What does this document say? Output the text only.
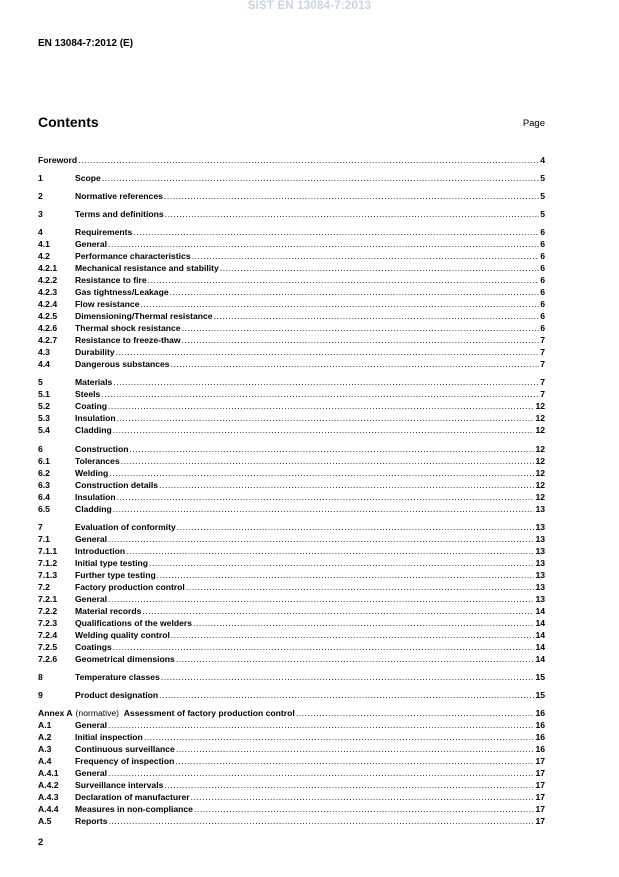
SIST EN 13084-7:2013
EN 13084-7:2012 (E)
Contents	Page
Foreword .....	4
1	Scope .....	5
2	Normative references .....	5
3	Terms and definitions .....	5
4	Requirements .....	6
4.1	General .....	6
4.2	Performance characteristics .....	6
4.2.1	Mechanical resistance and stability .....	6
4.2.2	Resistance to fire .....	6
4.2.3	Gas tightness/Leakage .....	6
4.2.4	Flow resistance .....	6
4.2.5	Dimensioning/Thermal resistance .....	6
4.2.6	Thermal shock resistance .....	6
4.2.7	Resistance to freeze-thaw .....	7
4.3	Durability .....	7
4.4	Dangerous substances .....	7
5	Materials .....	7
5.1	Steels .....	7
5.2	Coating .....	12
5.3	Insulation .....	12
5.4	Cladding .....	12
6	Construction .....	12
6.1	Tolerances .....	12
6.2	Welding .....	12
6.3	Construction details .....	12
6.4	Insulation .....	12
6.5	Cladding .....	13
7	Evaluation of conformity .....	13
7.1	General .....	13
7.1.1	Introduction .....	13
7.1.2	Initial type testing .....	13
7.1.3	Further type testing .....	13
7.2	Factory production control .....	13
7.2.1	General .....	13
7.2.2	Material records .....	14
7.2.3	Qualifications of the welders .....	14
7.2.4	Welding quality control .....	14
7.2.5	Coatings .....	14
7.2.6	Geometrical dimensions .....	14
8	Temperature classes .....	15
9	Product designation .....	15
Annex A (normative) Assessment of factory production control .....	16
A.1	General .....	16
A.2	Initial inspection .....	16
A.3	Continuous surveillance .....	16
A.4	Frequency of inspection .....	17
A.4.1	General .....	17
A.4.2	Surveillance intervals .....	17
A.4.3	Declaration of manufacturer .....	17
A.4.4	Measures in non-compliance .....	17
A.5	Reports .....	17
2
